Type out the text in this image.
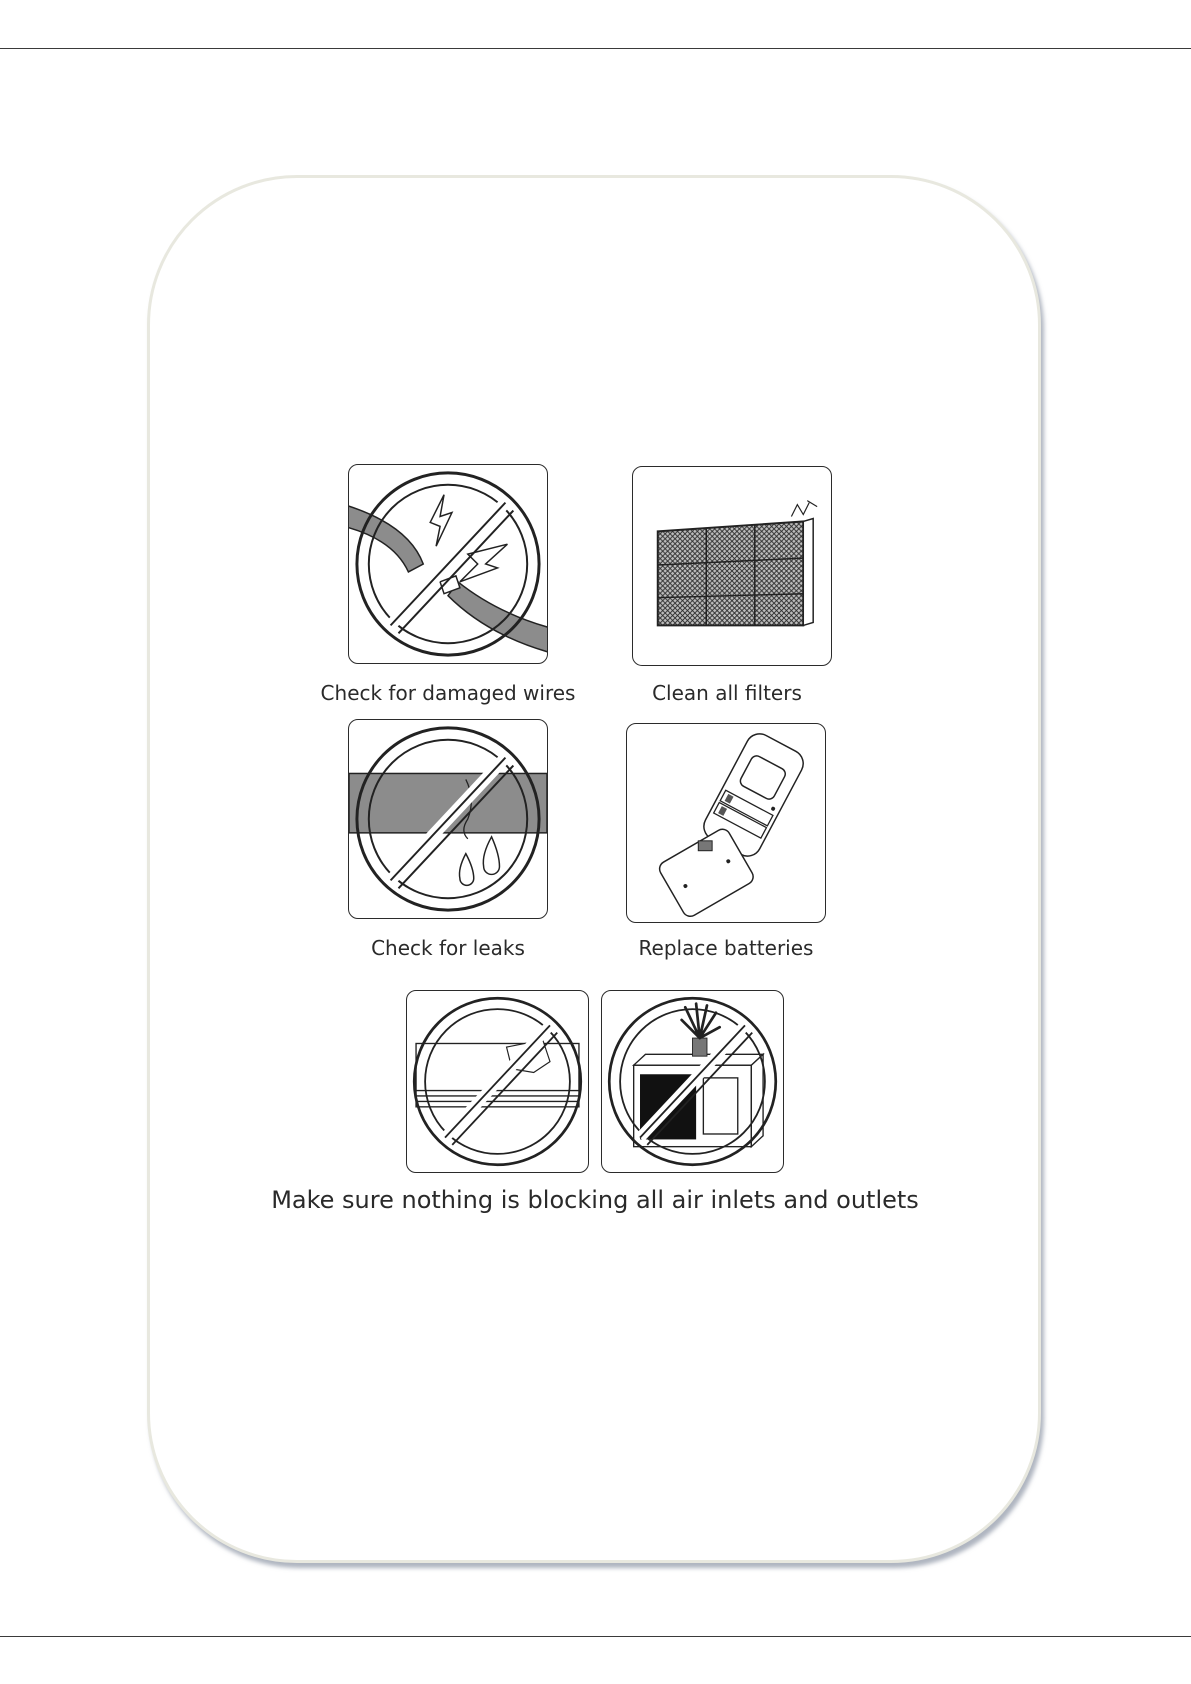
Check for damaged wires	Clean all filters
Check for leaks	Replace batteries
Make sure nothing is blocking all air inlets and outlets
